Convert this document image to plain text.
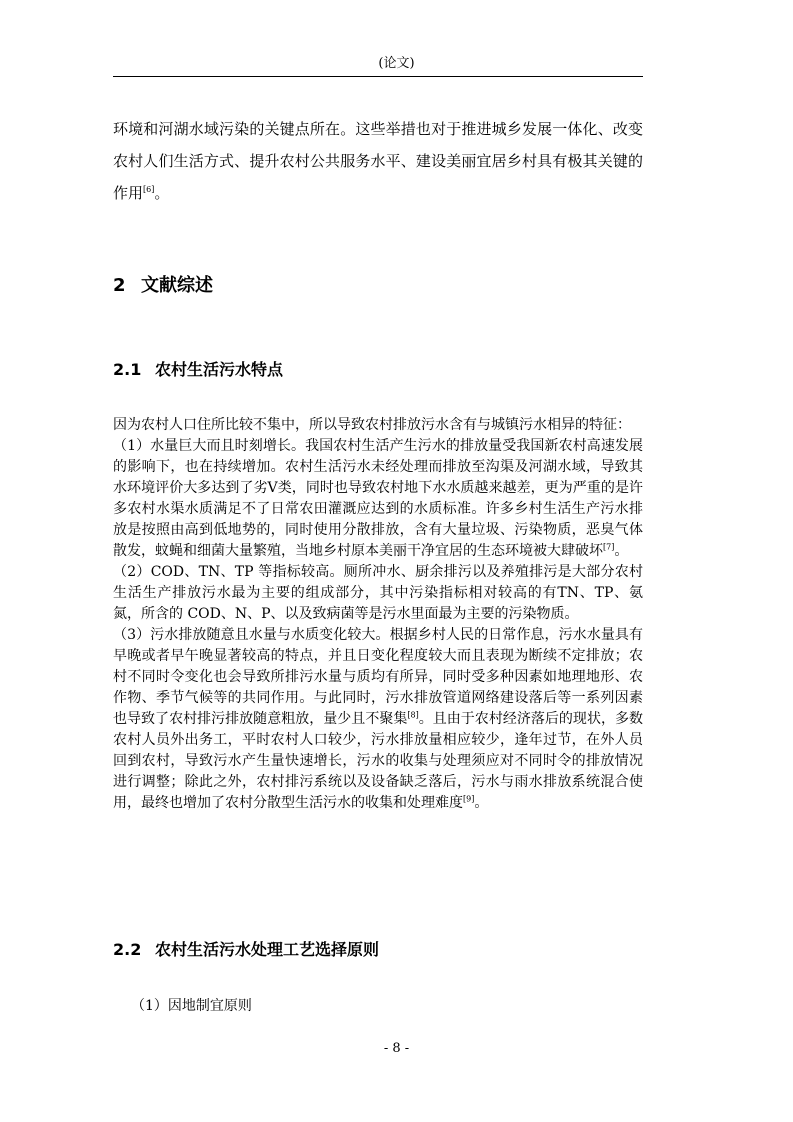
(论文)

环境和河湖水域污染的关键点所在。这些举措也对于推进城乡发展一体化、改变农村人们生活方式、提升农村公共服务水平、建设美丽宜居乡村具有极其关键的作用[6]。

2 文献综述
2.1 农村生活污水特点

因为农村人口住所比较不集中，所以导致农村排放污水含有与城镇污水相异的特征：

（1）水量巨大而且时刻增长。我国农村生活产生污水的排放量受我国新农村高速发展的影响下，也在持续增加。农村生活污水未经处理而排放至沟渠及河湖水域，导致其水环境评价大多达到了劣V类，同时也导致农村地下水水质越来越差，更为严重的是许多农村水渠水质满足不了日常农田灌溉应达到的水质标准。许多乡村生活生产污水排放是按照由高到低地势的，同时使用分散排放，含有大量垃圾、污染物质，恶臭气体散发，蚊蝇和细菌大量繁殖，当地乡村原本美丽干净宜居的生态环境被大肆破坏[7]。

（2）COD、TN、TP 等指标较高。厕所冲水、厨余排污以及养殖排污是大部分农村生活生产排放污水最为主要的组成部分，其中污染指标相对较高的有TN、TP、氨氮，所含的 COD、N、P、以及致病菌等是污水里面最为主要的污染物质。

（3）污水排放随意且水量与水质变化较大。根据乡村人民的日常作息，污水水量具有早晚或者早午晚显著较高的特点，并且日变化程度较大而且表现为断续不定排放；农村不同时令变化也会导致所排污水量与质均有所异，同时受多种因素如地理地形、农作物、季节气候等的共同作用。与此同时，污水排放管道网络建设落后等一系列因素也导致了农村排污排放随意粗放，量少且不聚集[8]。且由于农村经济落后的现状，多数农村人员外出务工，平时农村人口较少，污水排放量相应较少，逢年过节，在外人员回到农村，导致污水产生量快速增长，污水的收集与处理须应对不同时令的排放情况进行调整；除此之外，农村排污系统以及设备缺乏落后，污水与雨水排放系统混合使用，最终也增加了农村分散型生活污水的收集和处理难度[9]。

2.2 农村生活污水处理工艺选择原则
（1）因地制宜原则
- 8 -
